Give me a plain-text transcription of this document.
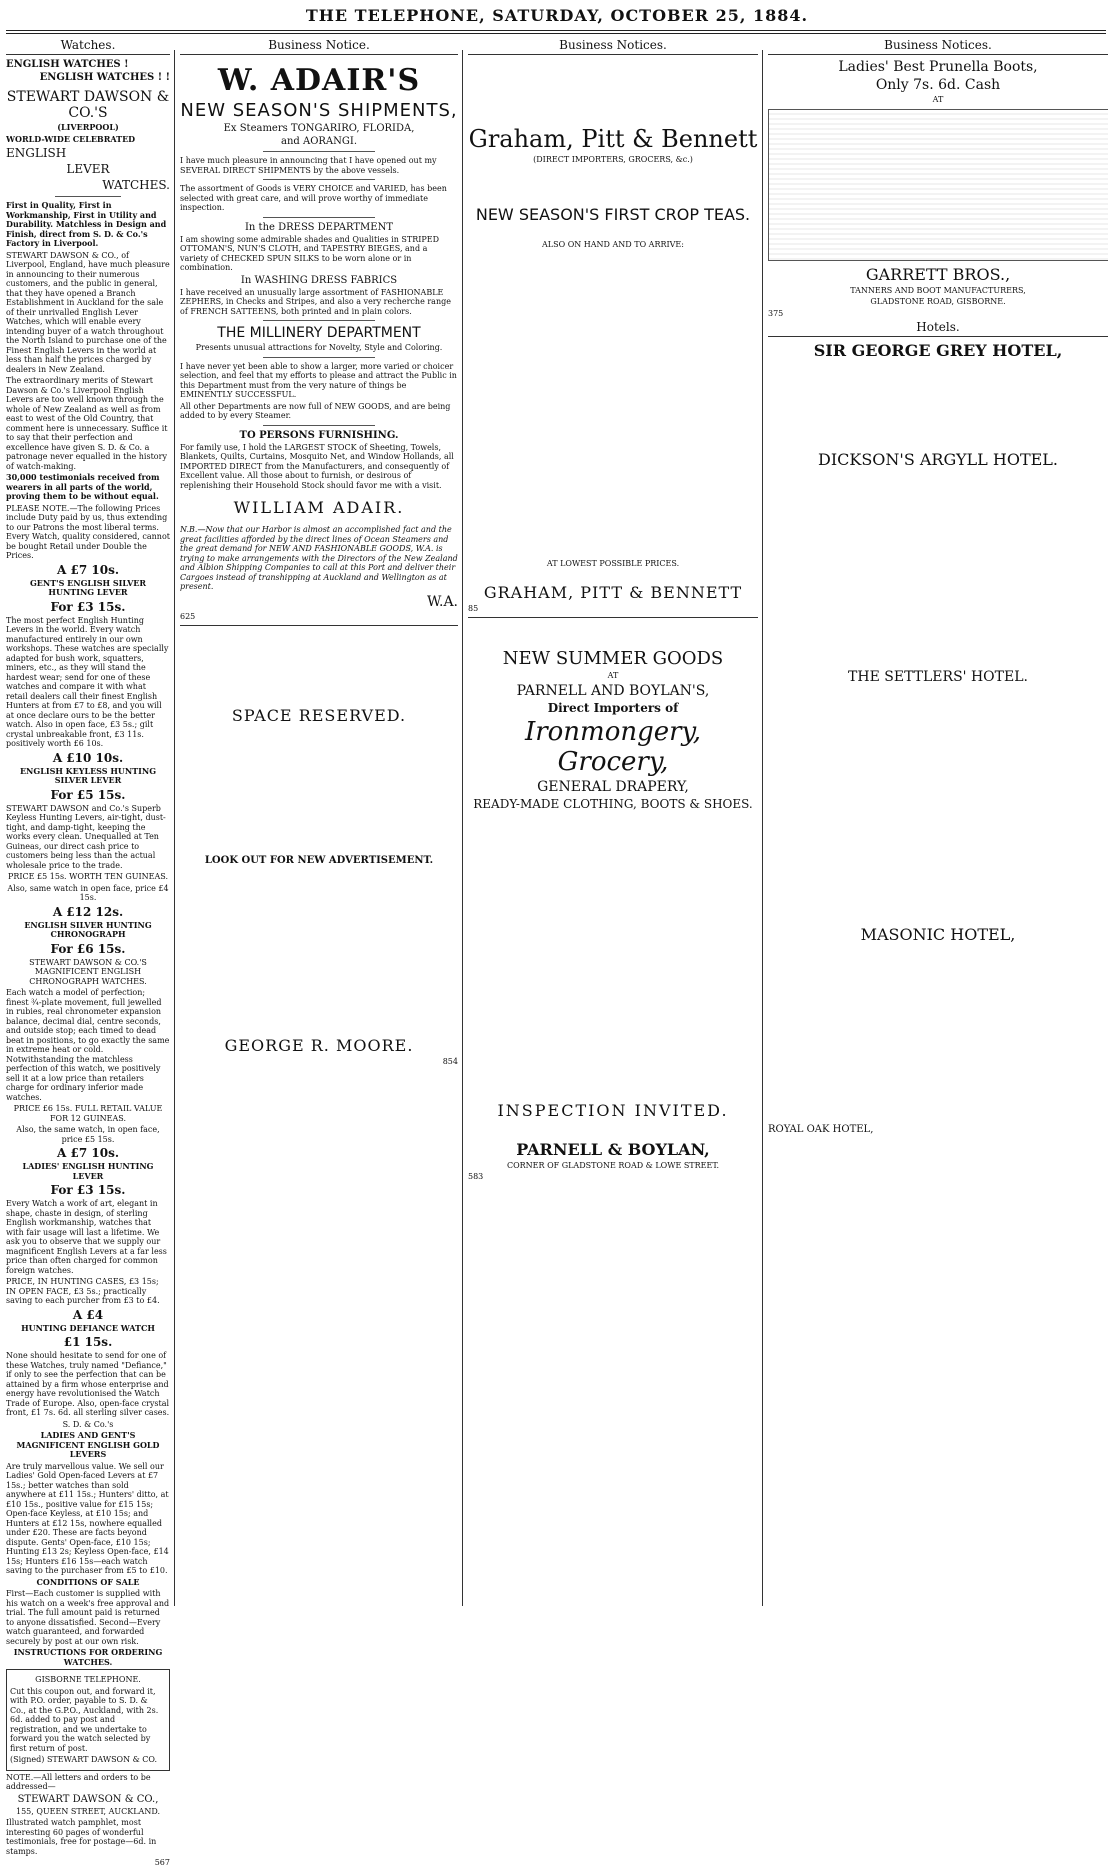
THE TELEPHONE, SATURDAY, OCTOBER 25, 1884.
Watches.

ENGLISH WATCHES !

ENGLISH WATCHES ! !

STEWART DAWSON & CO.'S

(LIVERPOOL)

WORLD-WIDE CELEBRATED

ENGLISH

LEVER

WATCHES.

First in Quality, First in Workmanship, First in Utility and Durability. Matchless in Design and Finish, direct from S. D. & Co.'s Factory in Liverpool.

STEWART DAWSON & CO., of Liverpool, England, have much pleasure in announcing to their numerous customers, and the public in general, that they have opened a Branch Establishment in Auckland for the sale of their unrivalled English Lever Watches, which will enable every intending buyer of a watch throughout the North Island to purchase one of the Finest English Levers in the world at less than half the prices charged by dealers in New Zealand.

The extraordinary merits of Stewart Dawson & Co.'s Liverpool English Levers are too well known through the whole of New Zealand as well as from east to west of the Old Country, that comment here is unnecessary. Suffice it to say that their perfection and excellence have given S. D. & Co. a patronage never equalled in the history of watch-making.

30,000 testimonials received from wearers in all parts of the world, proving them to be without equal.

PLEASE NOTE.—The following Prices include Duty paid by us, thus extending to our Patrons the most liberal terms. Every Watch, quality considered, cannot be bought Retail under Double the Prices.

A £7 10s.

GENT'S ENGLISH SILVER HUNTING LEVER

For £3 15s.

The most perfect English Hunting Levers in the world. Every watch manufactured entirely in our own workshops. These watches are specially adapted for bush work, squatters, miners, etc., as they will stand the hardest wear; send for one of these watches and compare it with what retail dealers call their finest English Hunters at from £7 to £8, and you will at once declare ours to be the better watch. Also in open face, £3 5s.; gilt crystal unbreakable front, £3 11s. positively worth £6 10s.

A £10 10s.

ENGLISH KEYLESS HUNTING SILVER LEVER

For £5 15s.

STEWART DAWSON and Co.'s Superb Keyless Hunting Levers, air-tight, dust-tight, and damp-tight, keeping the works every clean. Unequalled at Ten Guineas, our direct cash price to customers being less than the actual wholesale price to the trade.

PRICE £5 15s. WORTH TEN GUINEAS.

Also, same watch in open face, price £4 15s.

A £12 12s.

ENGLISH SILVER HUNTING CHRONOGRAPH

For £6 15s.

STEWART DAWSON & CO.'S MAGNIFICENT ENGLISH CHRONOGRAPH WATCHES.

Each watch a model of perfection; finest ¾-plate movement, full jewelled in rubies, real chronometer expansion balance, decimal dial, centre seconds, and outside stop; each timed to dead beat in positions, to go exactly the same in extreme heat or cold. Notwithstanding the matchless perfection of this watch, we positively sell it at a low price than retailers charge for ordinary inferior made watches.

PRICE £6 15s. FULL RETAIL VALUE FOR 12 GUINEAS.

Also, the same watch, in open face, price £5 15s.

A £7 10s.

LADIES' ENGLISH HUNTING LEVER

For £3 15s.

Every Watch a work of art, elegant in shape, chaste in design, of sterling English workmanship, watches that with fair usage will last a lifetime. We ask you to observe that we supply our magnificent English Levers at a far less price than often charged for common foreign watches.

PRICE, IN HUNTING CASES, £3 15s; IN OPEN FACE, £3 5s.; practically saving to each purcher from £3 to £4.

A £4

HUNTING DEFIANCE WATCH

£1 15s.

None should hesitate to send for one of these Watches, truly named "Defiance," if only to see the perfection that can be attained by a firm whose enterprise and energy have revolutionised the Watch Trade of Europe. Also, open-face crystal front, £1 7s. 6d. all sterling silver cases.

S. D. & Co.'s

LADIES AND GENT'S MAGNIFICENT ENGLISH GOLD LEVERS

Are truly marvellous value. We sell our Ladies' Gold Open-faced Levers at £7 15s.; better watches than sold anywhere at £11 15s.; Hunters' ditto, at £10 15s., positive value for £15 15s; Open-face Keyless, at £10 15s; and Hunters at £12 15s, nowhere equalled under £20. These are facts beyond dispute. Gents' Open-face, £10 15s; Hunting £13 2s; Keyless Open-face, £14 15s; Hunters £16 15s—each watch saving to the purchaser from £5 to £10.

CONDITIONS OF SALE

First—Each customer is supplied with his watch on a week's free approval and trial. The full amount paid is returned to anyone dissatisfied. Second—Every watch guaranteed, and forwarded securely by post at our own risk.

INSTRUCTIONS FOR ORDERING WATCHES.

GISBORNE TELEPHONE.

Cut this coupon out, and forward it, with P.O. order, payable to S. D. & Co., at the G.P.O., Auckland, with 2s. 6d. added to pay post and registration, and we undertake to forward you the watch selected by first return of post.

(Signed) STEWART DAWSON & CO.

NOTE.—All letters and orders to be addressed—

STEWART DAWSON & CO.,

155, QUEEN STREET, AUCKLAND.

Illustrated watch pamphlet, most interesting 60 pages of wonderful testimonials, free for postage—6d. in stamps.

567

Business Notice.

W. ADAIR'S

NEW SEASON'S SHIPMENTS,

Ex Steamers TONGARIRO, FLORIDA,

and AORANGI.

I have much pleasure in announcing that I have opened out my SEVERAL DIRECT SHIPMENTS by the above vessels.

The assortment of Goods is VERY CHOICE and VARIED, has been selected with great care, and will prove worthy of immediate inspection.

In the DRESS DEPARTMENT

I am showing some admirable shades and Qualities in STRIPED OTTOMAN'S, NUN'S CLOTH, and TAPESTRY BIEGES, and a variety of CHECKED SPUN SILKS to be worn alone or in combination.

In WASHING DRESS FABRICS

I have received an unusually large assortment of FASHIONABLE ZEPHERS, in Checks and Stripes, and also a very recherche range of FRENCH SATTEENS, both printed and in plain colors.

THE MILLINERY DEPARTMENT

Presents unusual attractions for Novelty, Style and Coloring.

I have never yet been able to show a larger, more varied or choicer selection, and feel that my efforts to please and attract the Public in this Department must from the very nature of things be EMINENTLY SUCCESSFUL.

All other Departments are now full of NEW GOODS, and are being added to by every Steamer.

TO PERSONS FURNISHING.

For family use, I hold the LARGEST STOCK of Sheeting, Towels, Blankets, Quilts, Curtains, Mosquito Net, and Window Hollands, all IMPORTED DIRECT from the Manufacturers, and consequently of Excellent value. All those about to furnish, or desirous of replenishing their Household Stock should favor me with a visit.

WILLIAM ADAIR.

N.B.—Now that our Harbor is almost an accomplished fact and the great facilities afforded by the direct lines of Ocean Steamers and the great demand for NEW AND FASHIONABLE GOODS, W.A. is trying to make arrangements with the Directors of the New Zealand and Albion Shipping Companies to call at this Port and deliver their Cargoes instead of transhipping at Auckland and Wellington as at present.

W.A.

625

SPACE RESERVED.

LOOK OUT FOR NEW ADVERTISEMENT.

GEORGE R. MOORE.

854

Business Notices.

Graham, Pitt & Bennett

(DIRECT IMPORTERS, GROCERS, &c.)

NEW SEASON'S FIRST CROP TEAS.

ALSO ON HAND AND TO ARRIVE:

AT LOWEST POSSIBLE PRICES.

GRAHAM, PITT & BENNETT

85

NEW SUMMER GOODS

AT

PARNELL AND BOYLAN'S,

Direct Importers of

Ironmongery, Grocery,

GENERAL DRAPERY,

READY-MADE CLOTHING, BOOTS & SHOES.

INSPECTION INVITED.

PARNELL & BOYLAN,

CORNER OF GLADSTONE ROAD & LOWE STREET.

583

Business Notices.

Ladies' Best Prunella Boots,

Only 7s. 6d. Cash

AT

GARRETT BROS.,

TANNERS AND BOOT MANUFACTURERS,

GLADSTONE ROAD, GISBORNE.

375

Hotels.

SIR GEORGE GREY HOTEL,

DICKSON'S ARGYLL HOTEL.

THE SETTLERS' HOTEL.

MASONIC HOTEL,

ROYAL OAK HOTEL,
